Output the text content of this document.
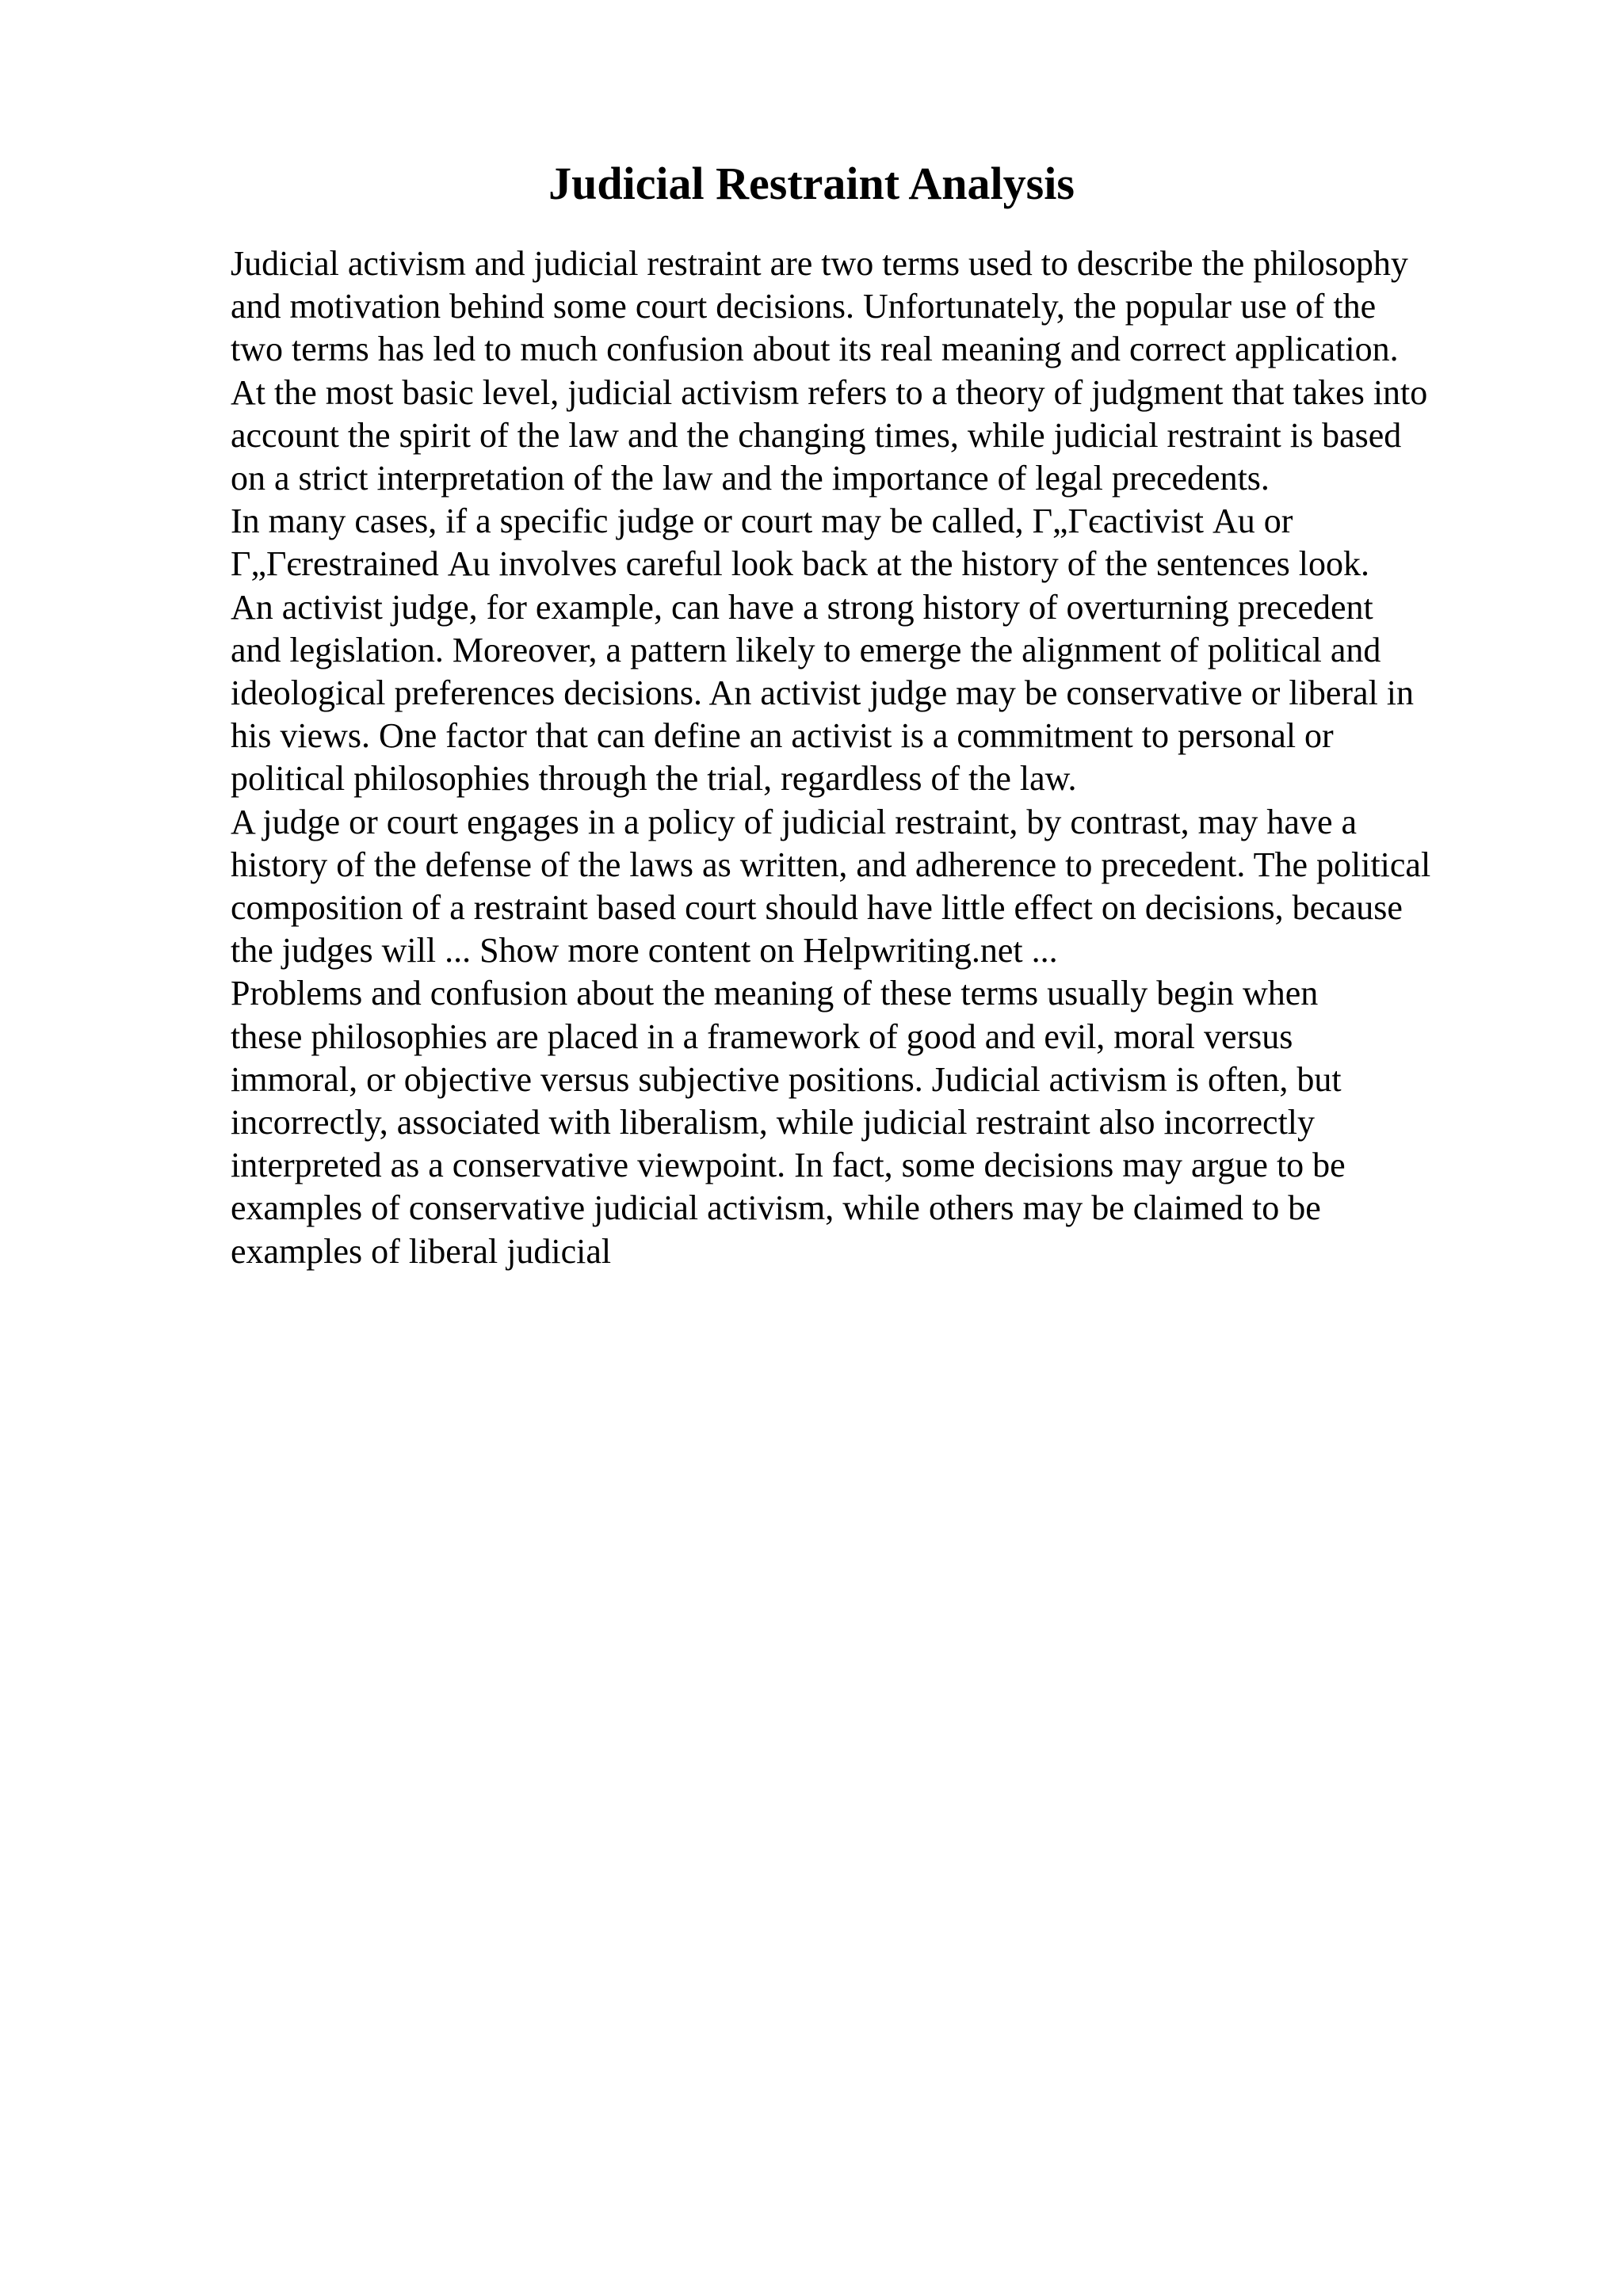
Judicial Restraint Analysis
Judicial activism and judicial restraint are two terms used to describe the philosophy
and motivation behind some court decisions. Unfortunately, the popular use of the
two terms has led to much confusion about its real meaning and correct application.
At the most basic level, judicial activism refers to a theory of judgment that takes into
account the spirit of the law and the changing times, while judicial restraint is based
on a strict interpretation of the law and the importance of legal precedents.
In many cases, if a specific judge or court may be called, Г„Гєactivist Аu or
Г„Гєrestrained Аu involves careful look back at the history of the sentences look.
An activist judge, for example, can have a strong history of overturning precedent
and legislation. Moreover, a pattern likely to emerge the alignment of political and
ideological preferences decisions. An activist judge may be conservative or liberal in
his views. One factor that can define an activist is a commitment to personal or
political philosophies through the trial, regardless of the law.
A judge or court engages in a policy of judicial restraint, by contrast, may have a
history of the defense of the laws as written, and adherence to precedent. The political
composition of a restraint based court should have little effect on decisions, because
the judges will ... Show more content on Helpwriting.net ...
Problems and confusion about the meaning of these terms usually begin when
these philosophies are placed in a framework of good and evil, moral versus
immoral, or objective versus subjective positions. Judicial activism is often, but
incorrectly, associated with liberalism, while judicial restraint also incorrectly
interpreted as a conservative viewpoint. In fact, some decisions may argue to be
examples of conservative judicial activism, while others may be claimed to be
examples of liberal judicial
